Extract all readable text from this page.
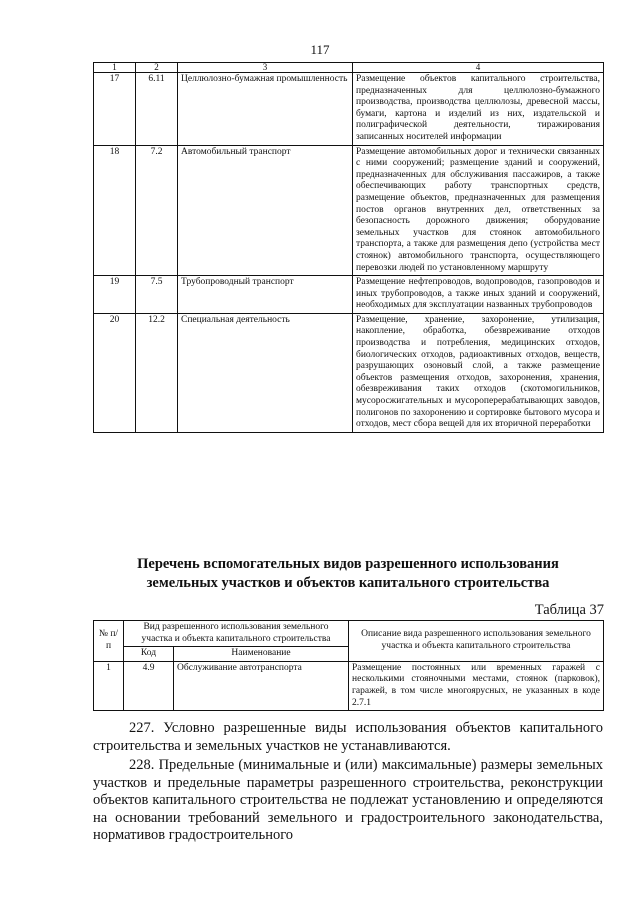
117
1	2	3	4
17	6.11	Целлюлозно-бумажная промышленность	Размещение объектов капитального строительства, предназначенных для целлюлозно-бумажного производства, производства целлюлозы, древесной массы, бумаги, картона и изделий из них, издательской и полиграфической деятельности, тиражирования записанных носителей информации
18	7.2	Автомобильный транспорт	Размещение автомобильных дорог и технически связанных с ними сооружений; размещение зданий и сооружений, предназначенных для обслуживания пассажиров, а также обеспечивающих работу транспортных средств, размещение объектов, предназначенных для размещения постов органов внутренних дел, ответственных за безопасность дорожного движения; оборудование земельных участков для стоянок автомобильного транспорта, а также для размещения депо (устройства мест стоянок) автомобильного транспорта, осуществляющего перевозки людей по установленному маршруту
19	7.5	Трубопроводный транспорт	Размещение нефтепроводов, водопроводов, газопроводов и иных трубопроводов, а также иных зданий и сооружений, необходимых для эксплуатации названных трубопроводов
20	12.2	Специальная деятельность	Размещение, хранение, захоронение, утилизация, накопление, обработка, обезвреживание отходов производства и потребления, медицинских отходов, биологических отходов, радиоактивных отходов, веществ, разрушающих озоновый слой, а также размещение объектов размещения отходов, захоронения, хранения, обезвреживания таких отходов (скотомогильников, мусоросжигательных и мусороперерабатывающих заводов, полигонов по захоронению и сортировке бытового мусора и отходов, мест сбора вещей для их вторичной переработки
Перечень вспомогательных видов разрешенного использования
земельных участков и объектов капитального строительства
Таблица 37
№ п/п	Вид разрешенного использования земельного участка и объекта капитального строительства		Описание вида разрешенного использования земельного участка и объекта капитального строительства
	Код	Наименование	
1	4.9	Обслуживание автотранспорта	Размещение постоянных или временных гаражей с несколькими стояночными местами, стоянок (парковок), гаражей, в том числе многоярусных, не указанных в коде 2.7.1
227. Условно разрешенные виды использования объектов капитального строительства и земельных участков не устанавливаются.
228. Предельные (минимальные и (или) максимальные) размеры земельных участков и предельные параметры разрешенного строительства, реконструкции объектов капитального строительства не подлежат установлению и определяются на основании требований земельного и градостроительного законодательства, нормативов градостроительного
